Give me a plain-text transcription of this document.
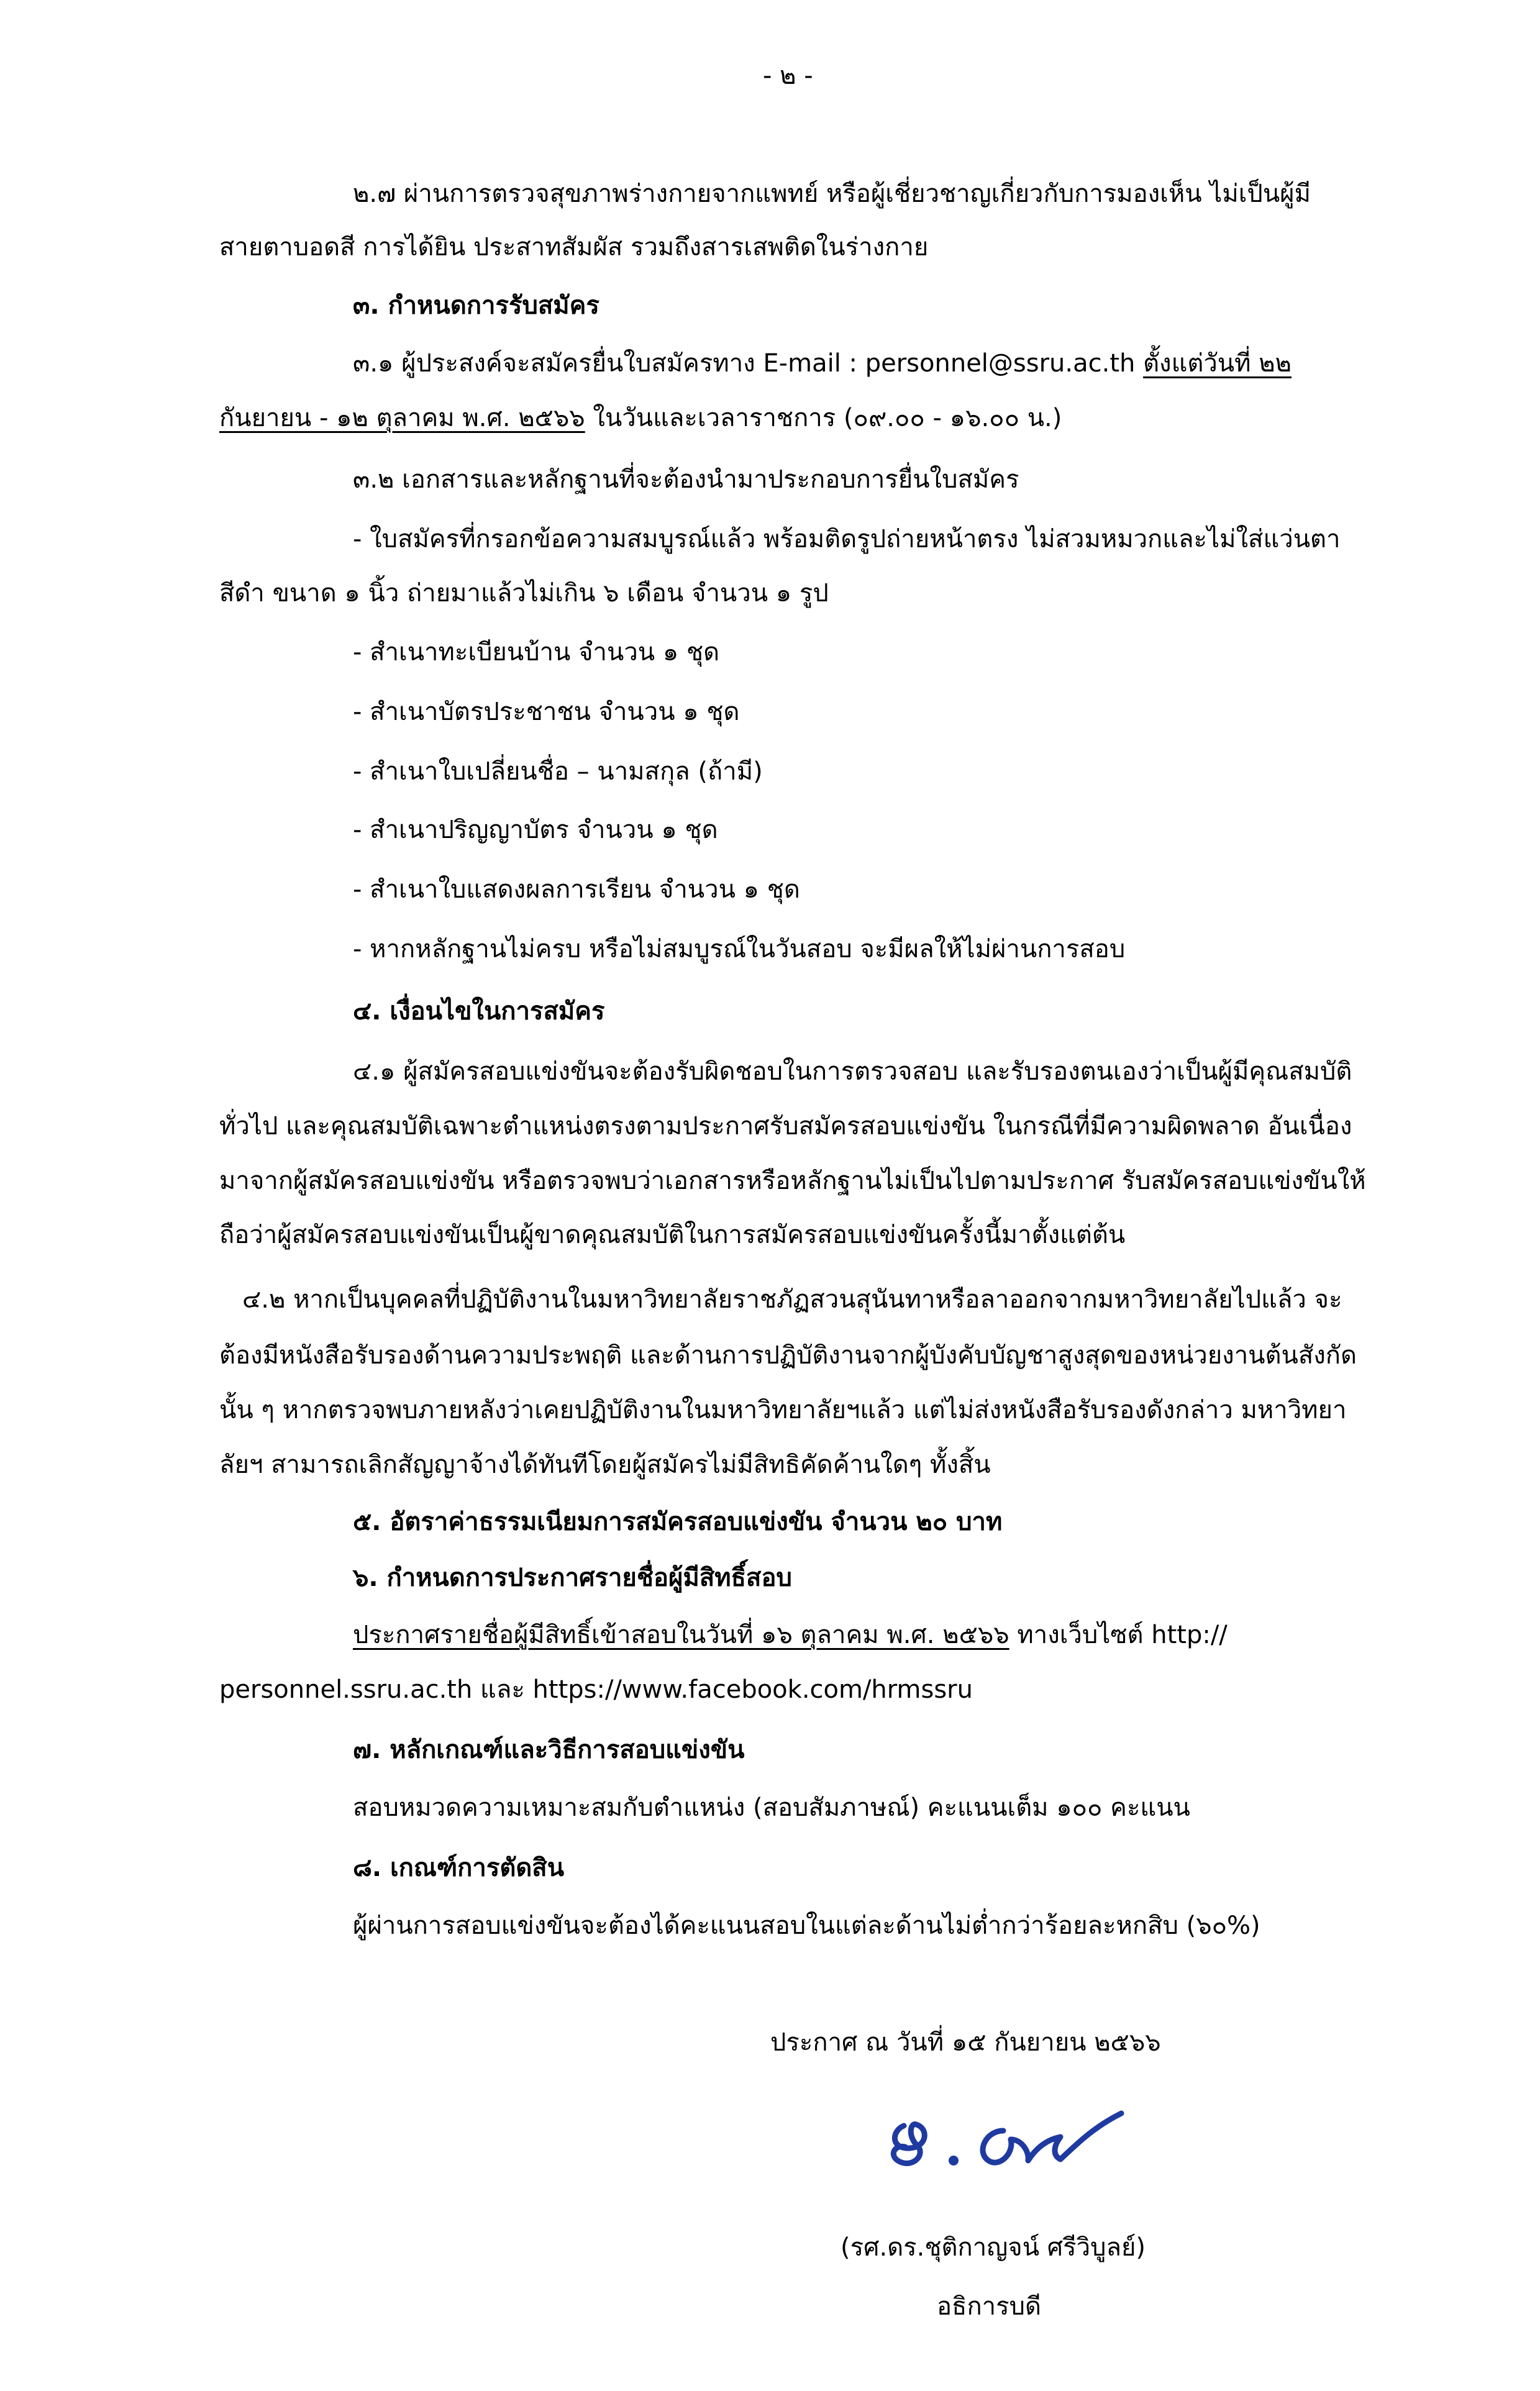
- ๒ -
๒.๗ ผ่านการตรวจสุขภาพร่างกายจากแพทย์ หรือผู้เชี่ยวชาญเกี่ยวกับการมองเห็น ไม่เป็นผู้มี
สายตาบอดสี การได้ยิน ประสาทสัมผัส รวมถึงสารเสพติดในร่างกาย
๓. กำหนดการรับสมัคร
๓.๑ ผู้ประสงค์จะสมัครยื่นใบสมัครทาง E-mail : personnel@ssru.ac.th ตั้งแต่วันที่ ๒๒
กันยายน - ๑๒ ตุลาคม พ.ศ. ๒๕๖๖ ในวันและเวลาราชการ (๐๙.๐๐ - ๑๖.๐๐ น.)
๓.๒ เอกสารและหลักฐานที่จะต้องนำมาประกอบการยื่นใบสมัคร
- ใบสมัครที่กรอกข้อความสมบูรณ์แล้ว พร้อมติดรูปถ่ายหน้าตรง ไม่สวมหมวกและไม่ใส่แว่นตา
สีดำ ขนาด ๑ นิ้ว ถ่ายมาแล้วไม่เกิน ๖ เดือน จำนวน ๑ รูป
- สำเนาทะเบียนบ้าน จำนวน ๑ ชุด
- สำเนาบัตรประชาชน จำนวน ๑ ชุด
- สำเนาใบเปลี่ยนชื่อ – นามสกุล (ถ้ามี)
- สำเนาปริญญาบัตร จำนวน ๑ ชุด
- สำเนาใบแสดงผลการเรียน จำนวน ๑ ชุด
- หากหลักฐานไม่ครบ หรือไม่สมบูรณ์ในวันสอบ จะมีผลให้ไม่ผ่านการสอบ
๔. เงื่อนไขในการสมัคร
๔.๑ ผู้สมัครสอบแข่งขันจะต้องรับผิดชอบในการตรวจสอบ และรับรองตนเองว่าเป็นผู้มีคุณสมบัติ
ทั่วไป และคุณสมบัติเฉพาะตำแหน่งตรงตามประกาศรับสมัครสอบแข่งขัน ในกรณีที่มีความผิดพลาด อันเนื่อง
มาจากผู้สมัครสอบแข่งขัน หรือตรวจพบว่าเอกสารหรือหลักฐานไม่เป็นไปตามประกาศ รับสมัครสอบแข่งขันให้
ถือว่าผู้สมัครสอบแข่งขันเป็นผู้ขาดคุณสมบัติในการสมัครสอบแข่งขันครั้งนี้มาตั้งแต่ต้น
๔.๒ หากเป็นบุคคลที่ปฏิบัติงานในมหาวิทยาลัยราชภัฏสวนสุนันทาหรือลาออกจากมหาวิทยาลัยไปแล้ว จะ
ต้องมีหนังสือรับรองด้านความประพฤติ และด้านการปฏิบัติงานจากผู้บังคับบัญชาสูงสุดของหน่วยงานต้นสังกัด
นั้น ๆ หากตรวจพบภายหลังว่าเคยปฏิบัติงานในมหาวิทยาลัยฯแล้ว แต่ไม่ส่งหนังสือรับรองดังกล่าว มหาวิทยา
ลัยฯ สามารถเลิกสัญญาจ้างได้ทันทีโดยผู้สมัครไม่มีสิทธิคัดค้านใดๆ ทั้งสิ้น
๕. อัตราค่าธรรมเนียมการสมัครสอบแข่งขัน จำนวน ๒๐ บาท
๖. กำหนดการประกาศรายชื่อผู้มีสิทธิ์สอบ
ประกาศรายชื่อผู้มีสิทธิ์เข้าสอบในวันที่ ๑๖ ตุลาคม พ.ศ. ๒๕๖๖ ทางเว็บไซต์ http://
personnel.ssru.ac.th และ https://www.facebook.com/hrmssru
๗. หลักเกณฑ์และวิธีการสอบแข่งขัน
สอบหมวดความเหมาะสมกับตำแหน่ง (สอบสัมภาษณ์) คะแนนเต็ม ๑๐๐ คะแนน
๘. เกณฑ์การตัดสิน
ผู้ผ่านการสอบแข่งขันจะต้องได้คะแนนสอบในแต่ละด้านไม่ต่ำกว่าร้อยละหกสิบ (๖๐%)
ประกาศ ณ วันที่ ๑๕ กันยายน ๒๕๖๖
(รศ.ดร.ชุติกาญจน์ ศรีวิบูลย์)
อธิการบดี
